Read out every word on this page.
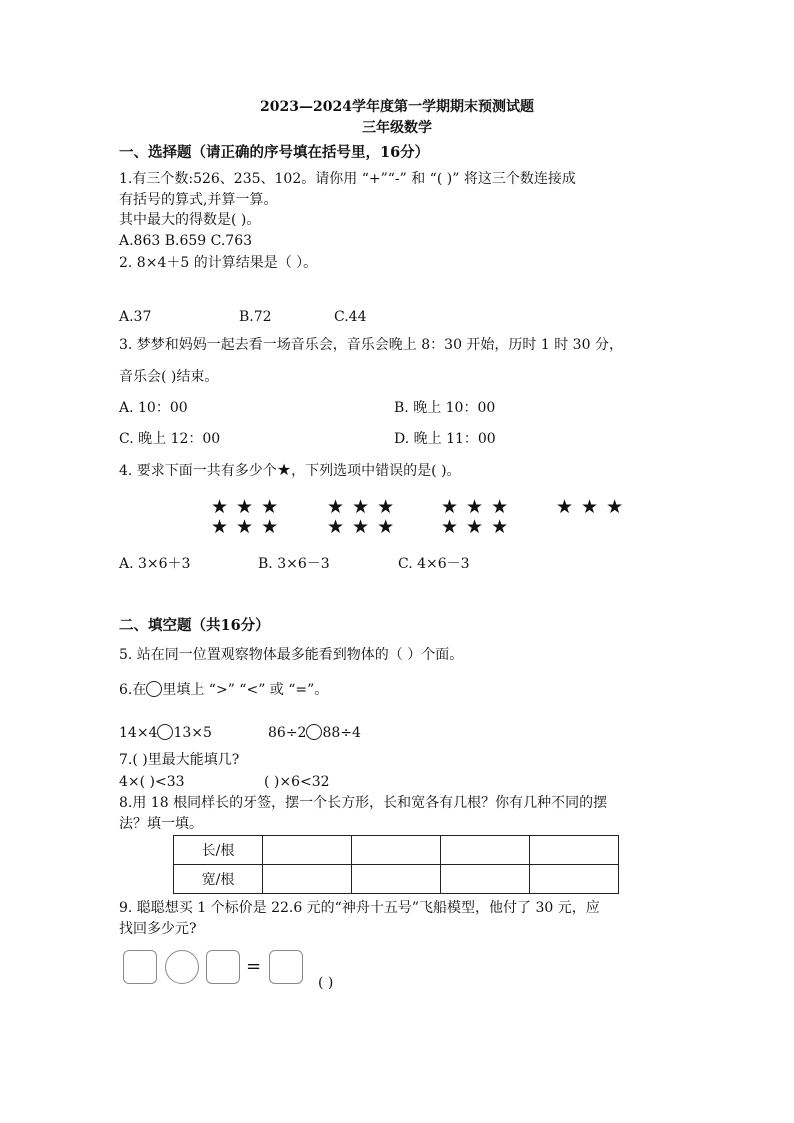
2023—2024学年度第一学期期末预测试题
三年级数学
一、选择题（请正确的序号填在括号里，16分）
1.有三个数:526、235、102。请你用 “+”“-” 和 “( )” 将这三个数连接成
有括号的算式,并算一算。
其中最大的得数是( )。
A.863 B.659 C.763
2. 8×4＋5 的计算结果是（ ）。
A.37	B.72	C.44
3. 梦梦和妈妈一起去看一场音乐会，音乐会晚上 8：30 开始，历时 1 时 30 分，
音乐会( )结束。
A. 10：00	B. 晚上 10：00
C. 晚上 12：00	D. 晚上 11：00
4. 要求下面一共有多少个★，下列选项中错误的是( )。
★★★
★★★
★★★
★★★
★★★
★★★
★★★
A. 3×6＋3	B. 3×6－3	C. 4×6－3
二、填空题（共16分）
5. 站在同一位置观察物体最多能看到物体的（ ）个面。
6.在 里填上 “>” “<” 或 “=”。
14×4 13×5	86÷2 88÷4
7.( )里最大能填几?
4×( )<33	( )×6<32
8.用 18 根同样长的牙签，摆一个长方形，长和宽各有几根？你有几种不同的摆
法？填一填。
长/根				
宽/根				
9. 聪聪想买 1 个标价是 22.6 元的“神舟十五号”飞船模型，他付了 30 元，应
找回多少元?
=
( )
